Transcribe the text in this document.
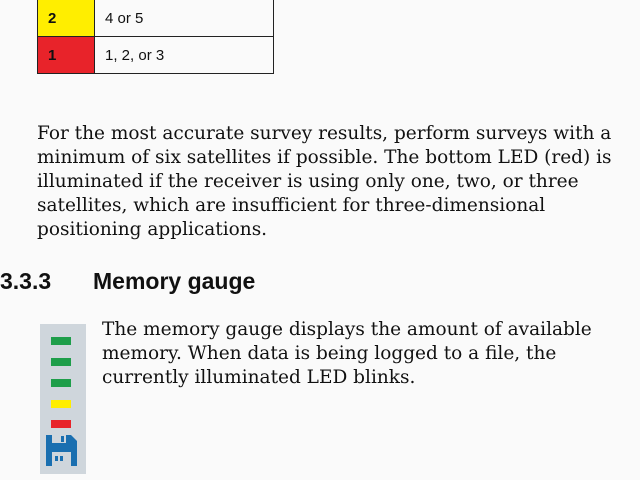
2	4 or 5
1	1, 2, or 3

For the most accurate survey results, perform surveys with a minimum of six satellites if possible. The bottom LED (red) is illuminated if the receiver is using only one, two, or three satellites, which are insufficient for three-dimensional positioning applications.

3.3.3 Memory gauge

The memory gauge displays the amount of available memory. When data is being logged to a file, the currently illuminated LED blinks.
